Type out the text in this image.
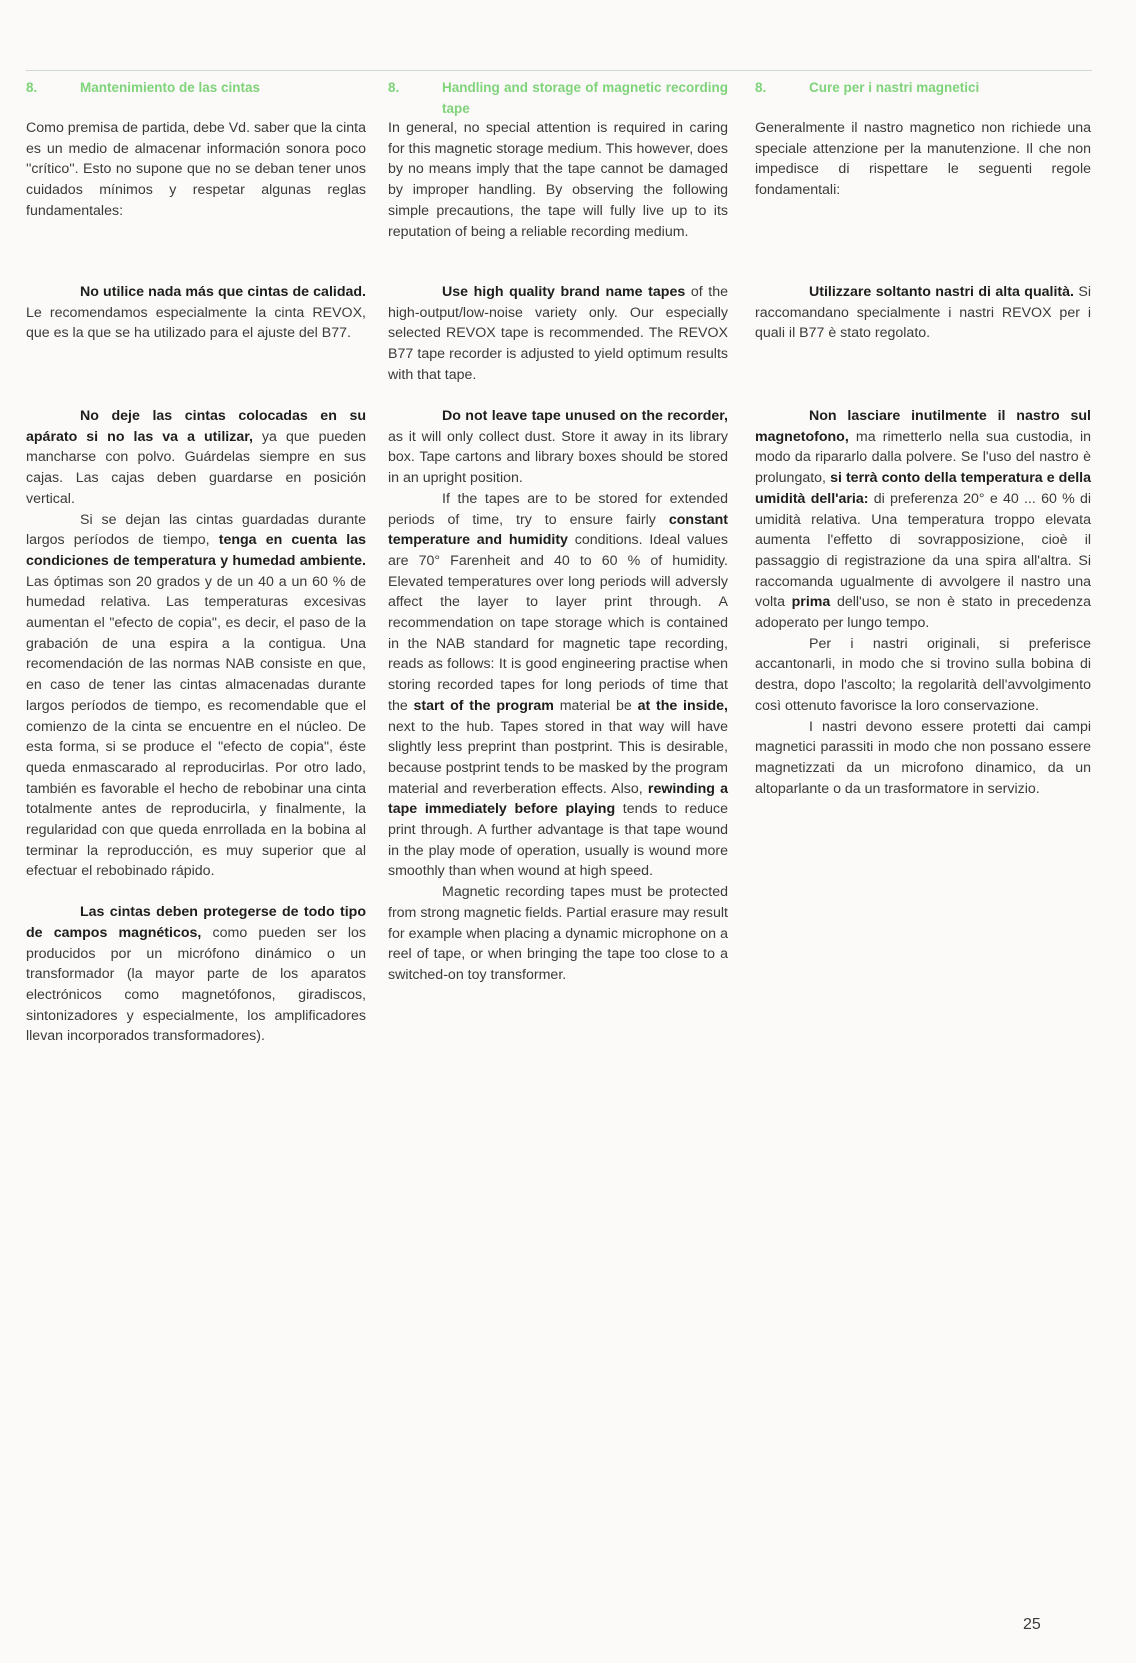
8.	Mantenimiento de las cintas

Como premisa de partida, debe Vd. saber que la cinta es un medio de almacenar información sonora poco ''crítico''. Esto no supone que no se deban tener unos cuidados mínimos y respetar algunas reglas fundamentales:

No utilice nada más que cintas de calidad. Le recomendamos especialmente la cinta REVOX, que es la que se ha utilizado para el ajuste del B77.

No deje las cintas colocadas en su apárato si no las va a utilizar, ya que pueden mancharse con polvo. Guárdelas siempre en sus cajas. Las cajas deben guardarse en posición vertical.

Si se dejan las cintas guardadas durante largos períodos de tiempo, tenga en cuenta las condiciones de temperatura y humedad ambiente. Las óptimas son 20 grados y de un 40 a un 60 % de humedad relativa. Las temperaturas excesivas aumentan el "efecto de copia", es decir, el paso de la grabación de una espira a la contigua. Una recomendación de las normas NAB consiste en que, en caso de tener las cintas almacenadas durante largos períodos de tiempo, es recomendable que el comienzo de la cinta se encuentre en el núcleo. De esta forma, si se produce el "efecto de copia", éste queda enmascarado al reproducirlas. Por otro lado, también es favorable el hecho de rebobinar una cinta totalmente antes de reproducirla, y finalmente, la regularidad con que queda enrrollada en la bobina al terminar la reproducción, es muy superior que al efectuar el rebobinado rápido.

Las cintas deben protegerse de todo tipo de campos magnéticos, como pueden ser los producidos por un micrófono dinámico o un transformador (la mayor parte de los aparatos electrónicos como magnetófonos, giradiscos, sintonizadores y especialmente, los amplificadores llevan incorporados transformadores).

8.	Handling and storage of magnetic recording tape

In general, no special attention is required in caring for this magnetic storage medium. This however, does by no means imply that the tape cannot be damaged by improper handling. By observing the following simple precautions, the tape will fully live up to its reputation of being a reliable recording medium.

Use high quality brand name tapes of the high-output/low-noise variety only. Our especially selected REVOX tape is recommended. The REVOX B77 tape recorder is adjusted to yield optimum results with that tape.

Do not leave tape unused on the recorder, as it will only collect dust. Store it away in its library box. Tape cartons and library boxes should be stored in an upright position.

If the tapes are to be stored for extended periods of time, try to ensure fairly constant temperature and humidity conditions. Ideal values are 70° Farenheit and 40 to 60 % of humidity. Elevated temperatures over long periods will adversly affect the layer to layer print through. A recommendation on tape storage which is contained in the NAB standard for magnetic tape recording, reads as follows: It is good engineering practise when storing recorded tapes for long periods of time that the start of the program material be at the inside, next to the hub. Tapes stored in that way will have slightly less preprint than postprint. This is desirable, because postprint tends to be masked by the program material and reverberation effects. Also, rewinding a tape immediately before playing tends to reduce print through. A further advantage is that tape wound in the play mode of operation, usually is wound more smoothly than when wound at high speed.

Magnetic recording tapes must be protected from strong magnetic fields. Partial erasure may result for example when placing a dynamic microphone on a reel of tape, or when bringing the tape too close to a switched-on toy transformer.

8.	Cure per i nastri magnetici

Generalmente il nastro magnetico non richiede una speciale attenzione per la manutenzione. Il che non impedisce di rispettare le seguenti regole fondamentali:

Utilizzare soltanto nastri di alta qualità. Si raccomandano specialmente i nastri REVOX per i quali il B77 è stato regolato.

Non lasciare inutilmente il nastro sul magnetofono, ma rimetterlo nella sua custodia, in modo da ripararlo dalla polvere. Se l'uso del nastro è prolungato, si terrà conto della temperatura e della umidità dell'aria: di preferenza 20° e 40 ... 60 % di umidità relativa. Una temperatura troppo elevata aumenta l'effetto di sovrapposizione, cioè il passaggio di registrazione da una spira all'altra. Si raccomanda ugualmente di avvolgere il nastro una volta prima dell'uso, se non è stato in precedenza adoperato per lungo tempo.

Per i nastri originali, si preferisce accantonarli, in modo che si trovino sulla bobina di destra, dopo l'ascolto; la regolarità dell'avvolgimento così ottenuto favorisce la loro conservazione.

I nastri devono essere protetti dai campi magnetici parassiti in modo che non possano essere magnetizzati da un microfono dinamico, da un altoparlante o da un trasformatore in servizio.

25
